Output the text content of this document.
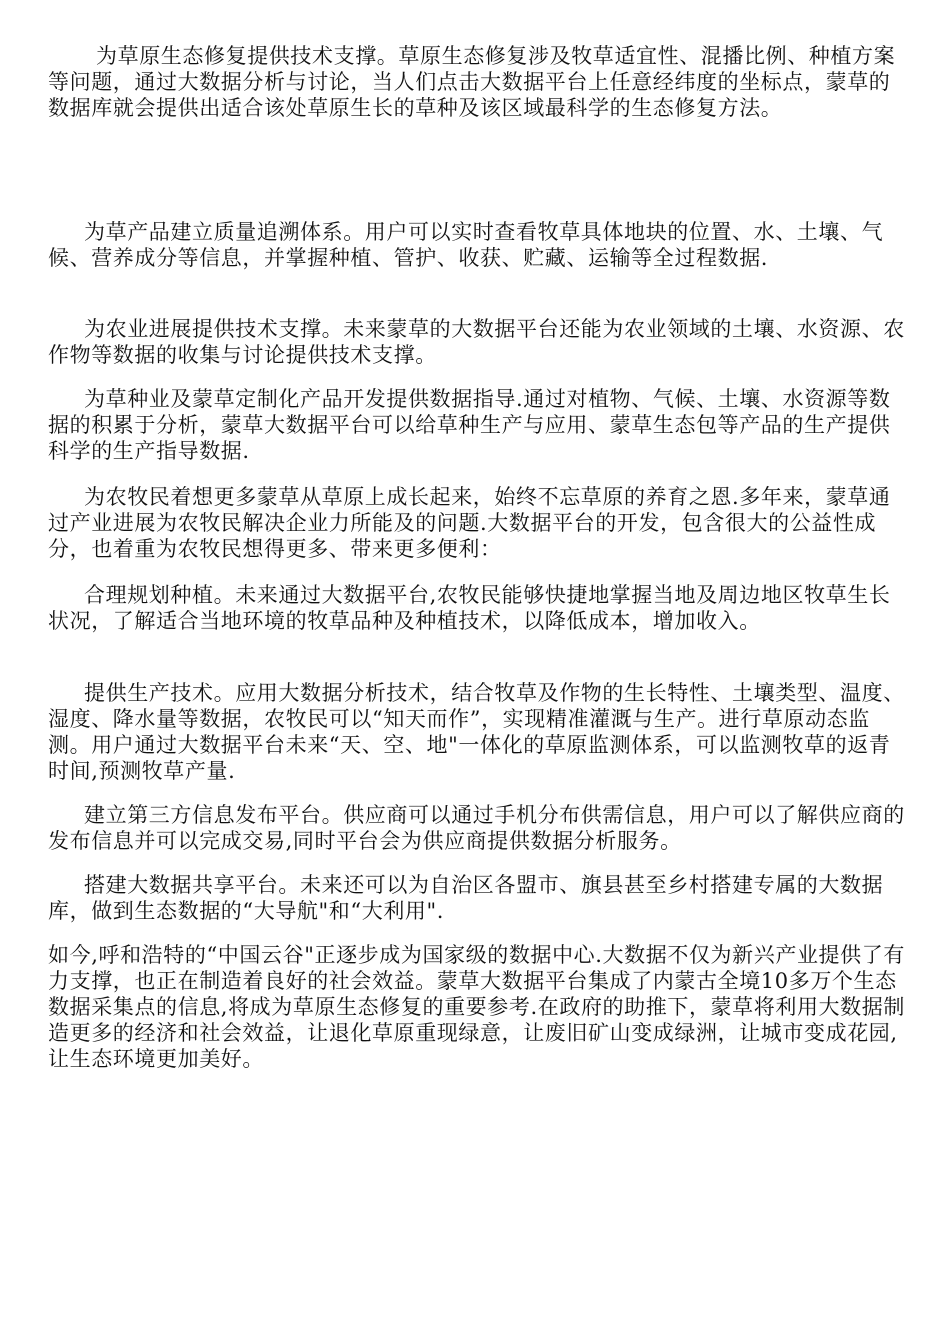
为草原生态修复提供技术支撑。草原生态修复涉及牧草适宜性、混播比例、种植方案等问题，通过大数据分析与讨论，当人们点击大数据平台上任意经纬度的坐标点，蒙草的数据库就会提供出适合该处草原生长的草种及该区域最科学的生态修复方法。

为草产品建立质量追溯体系。用户可以实时查看牧草具体地块的位置、水、土壤、气候、营养成分等信息，并掌握种植、管护、收获、贮藏、运输等全过程数据.

为农业进展提供技术支撑。未来蒙草的大数据平台还能为农业领域的土壤、水资源、农作物等数据的收集与讨论提供技术支撑。

为草种业及蒙草定制化产品开发提供数据指导.通过对植物、气候、土壤、水资源等数据的积累于分析，蒙草大数据平台可以给草种生产与应用、蒙草生态包等产品的生产提供科学的生产指导数据.

为农牧民着想更多蒙草从草原上成长起来，始终不忘草原的养育之恩.多年来，蒙草通过产业进展为农牧民解决企业力所能及的问题.大数据平台的开发，包含很大的公益性成分，也着重为农牧民想得更多、带来更多便利：

合理规划种植。未来通过大数据平台,农牧民能够快捷地掌握当地及周边地区牧草生长状况，了解适合当地环境的牧草品种及种植技术，以降低成本，增加收入。

提供生产技术。应用大数据分析技术，结合牧草及作物的生长特性、土壤类型、温度、湿度、降水量等数据，农牧民可以“知天而作”，实现精准灌溉与生产。进行草原动态监测。用户通过大数据平台未来“天、空、地"一体化的草原监测体系，可以监测牧草的返青时间,预测牧草产量.

建立第三方信息发布平台。供应商可以通过手机分布供需信息，用户可以了解供应商的发布信息并可以完成交易,同时平台会为供应商提供数据分析服务。

搭建大数据共享平台。未来还可以为自治区各盟市、旗县甚至乡村搭建专属的大数据库，做到生态数据的“大导航"和“大利用".

如今,呼和浩特的“中国云谷"正逐步成为国家级的数据中心.大数据不仅为新兴产业提供了有力支撑，也正在制造着良好的社会效益。蒙草大数据平台集成了内蒙古全境10多万个生态数据采集点的信息,将成为草原生态修复的重要参考.在政府的助推下，蒙草将利用大数据制造更多的经济和社会效益，让退化草原重现绿意，让废旧矿山变成绿洲，让城市变成花园,让生态环境更加美好。
